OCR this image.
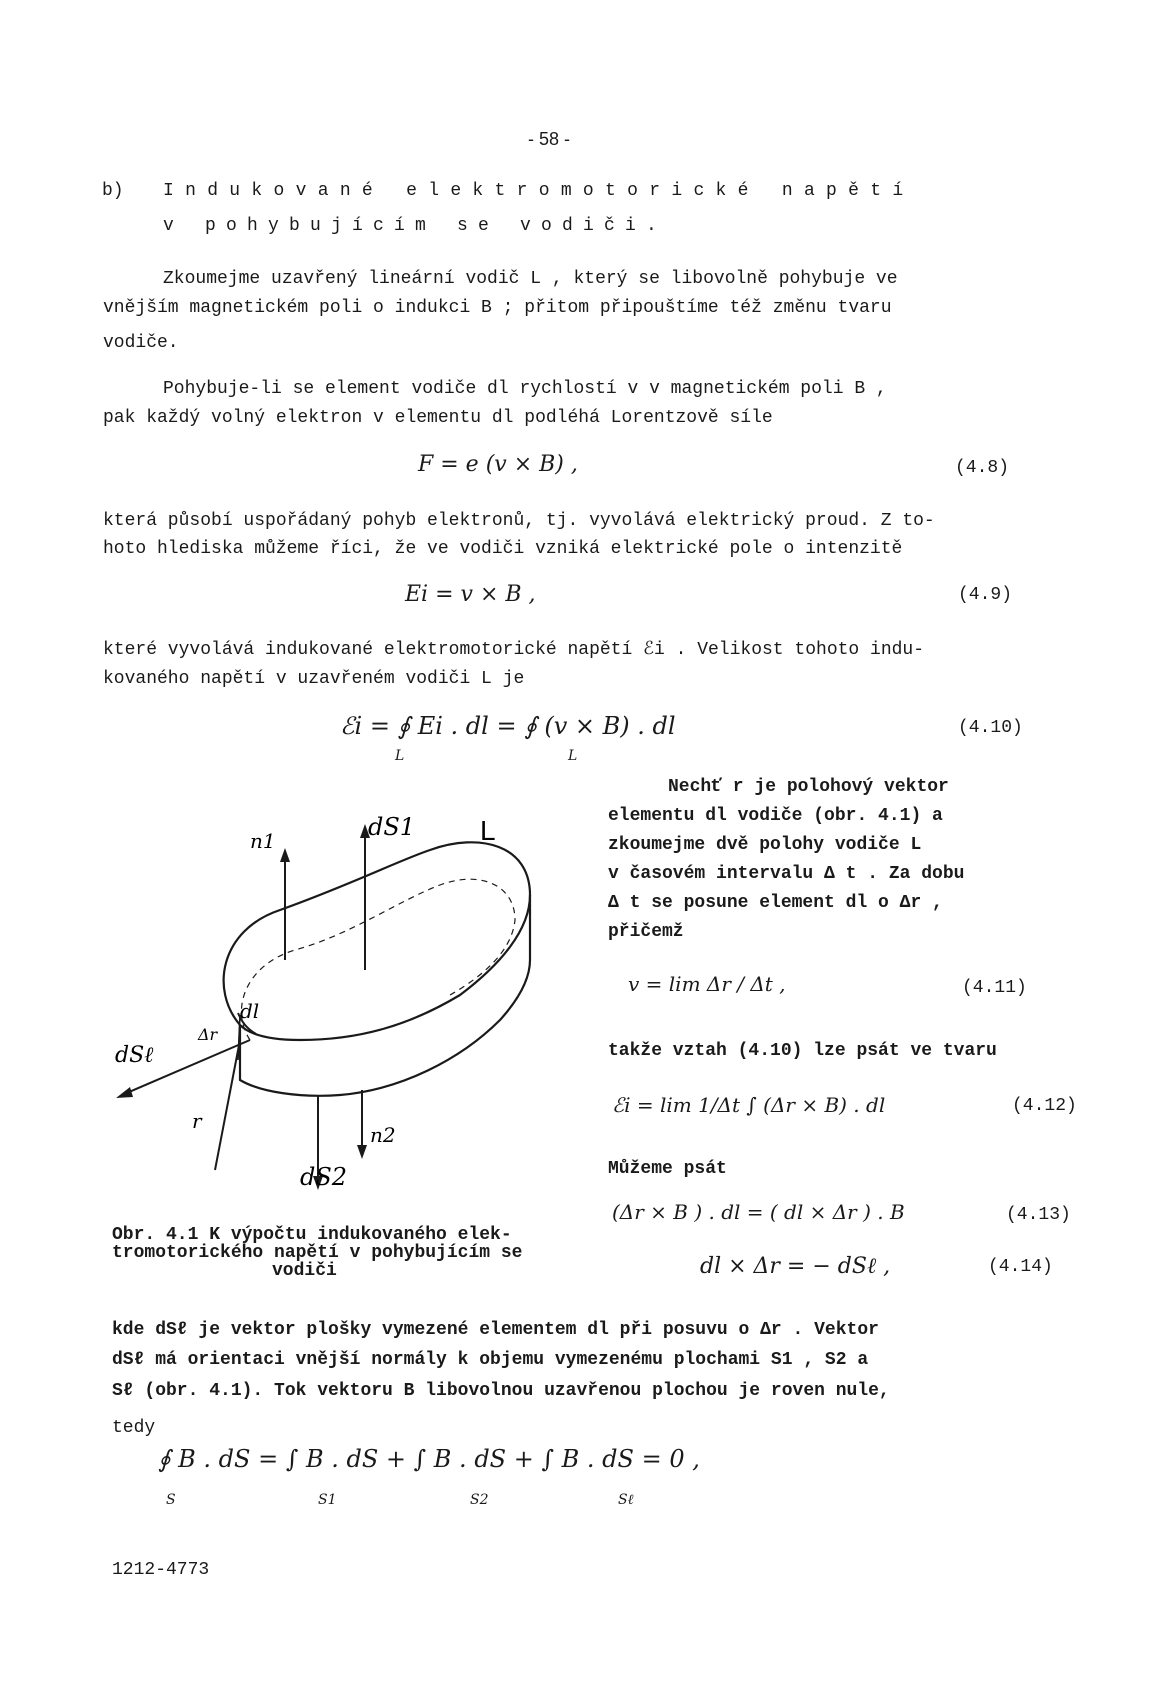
- 58 -
b) Indukované elektromotorické napětí
v pohybujícím se vodiči.
Zkoumejme uzavřený lineární vodič L , který se libovolně pohybuje ve
vnějším magnetickém poli o indukci B ; přitom připouštíme též změnu tvaru
vodiče.
Pohybuje-li se element vodiče dl rychlostí v v magnetickém poli B ,
pak každý volný elektron v elementu dl podléhá Lorentzově síle
F = e (v × B) ,	(4.8)
která působí uspořádaný pohyb elektronů, tj. vyvolává elektrický proud. Z to-
hoto hlediska můžeme říci, že ve vodiči vzniká elektrické pole o intenzitě
Ei = v × B ,	(4.9)
které vyvolává indukované elektromotorické napětí ℰi . Velikost tohoto indu-
kovaného napětí v uzavřeném vodiči L je
ℰi = ∮ Ei . dl = ∮ (v × B) . dl
L	L
(4.10)
Nechť r je polohový vektor
elementu dl vodiče (obr. 4.1) a
zkoumejme dvě polohy vodiče L
v časovém intervalu Δ t . Za dobu
Δ t se posune element dl o Δr ,
přičemž
v = lim Δr / Δt ,	(4.11)
takže vztah (4.10) lze psát ve tvaru
ℰi = lim 1/Δt ∫ (Δr × B) . dl	(4.12)
Můžeme psát
(Δr × B ) . dl = ( dl × Δr ) . B	(4.13)
dl × Δr = − dSℓ ,	(4.14)
n1	dS1 L
dl
Δr
dSℓ
r
n2
dS2
Obr. 4.1 K výpočtu indukovaného elek-
tromotorického napětí v pohybujícím se
vodiči
kde dSℓ je vektor plošky vymezené elementem dl při posuvu o Δr . Vektor
dSℓ má orientaci vnější normály k objemu vymezenému plochami S1 , S2 a
Sℓ (obr. 4.1). Tok vektoru B libovolnou uzavřenou plochou je roven nule,
tedy
∮ B . dS = ∫ B . dS + ∫ B . dS + ∫ B . dS = 0 ,
S	S1	S2	Sℓ
1212-4773
